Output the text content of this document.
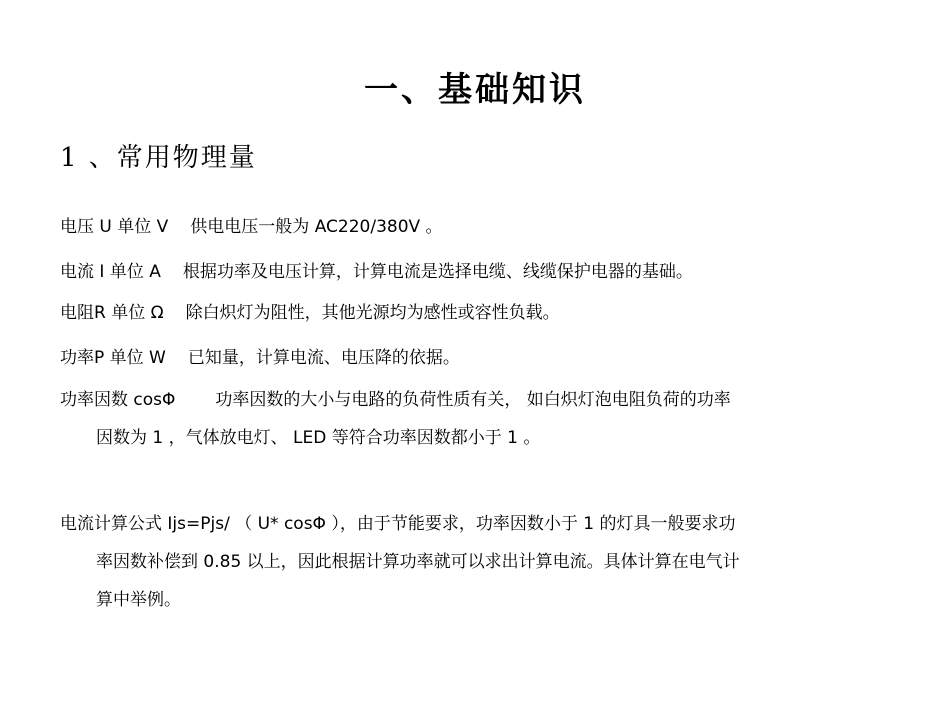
一、基础知识
1 、常用物理量
电压 U 单位 V 供电电压一般为 AC220/380V 。
电流 I 单位 A 根据功率及电压计算，计算电流是选择电缆、线缆保护电器的基础。
电阻R 单位 Ω 除白炽灯为阻性，其他光源均为感性或容性负载。
功率P 单位 W 已知量，计算电流、电压降的依据。
功率因数 cosΦ 功率因数的大小与电路的负荷性质有关， 如白炽灯泡电阻负荷的功率
因数为 1 ，气体放电灯、 LED 等符合功率因数都小于 1 。
电流计算公式 Ijs=Pjs/ （ U* cosΦ ），由于节能要求，功率因数小于 1 的灯具一般要求功
率因数补偿到 0.85 以上，因此根据计算功率就可以求出计算电流。具体计算在电气计
算中举例。
